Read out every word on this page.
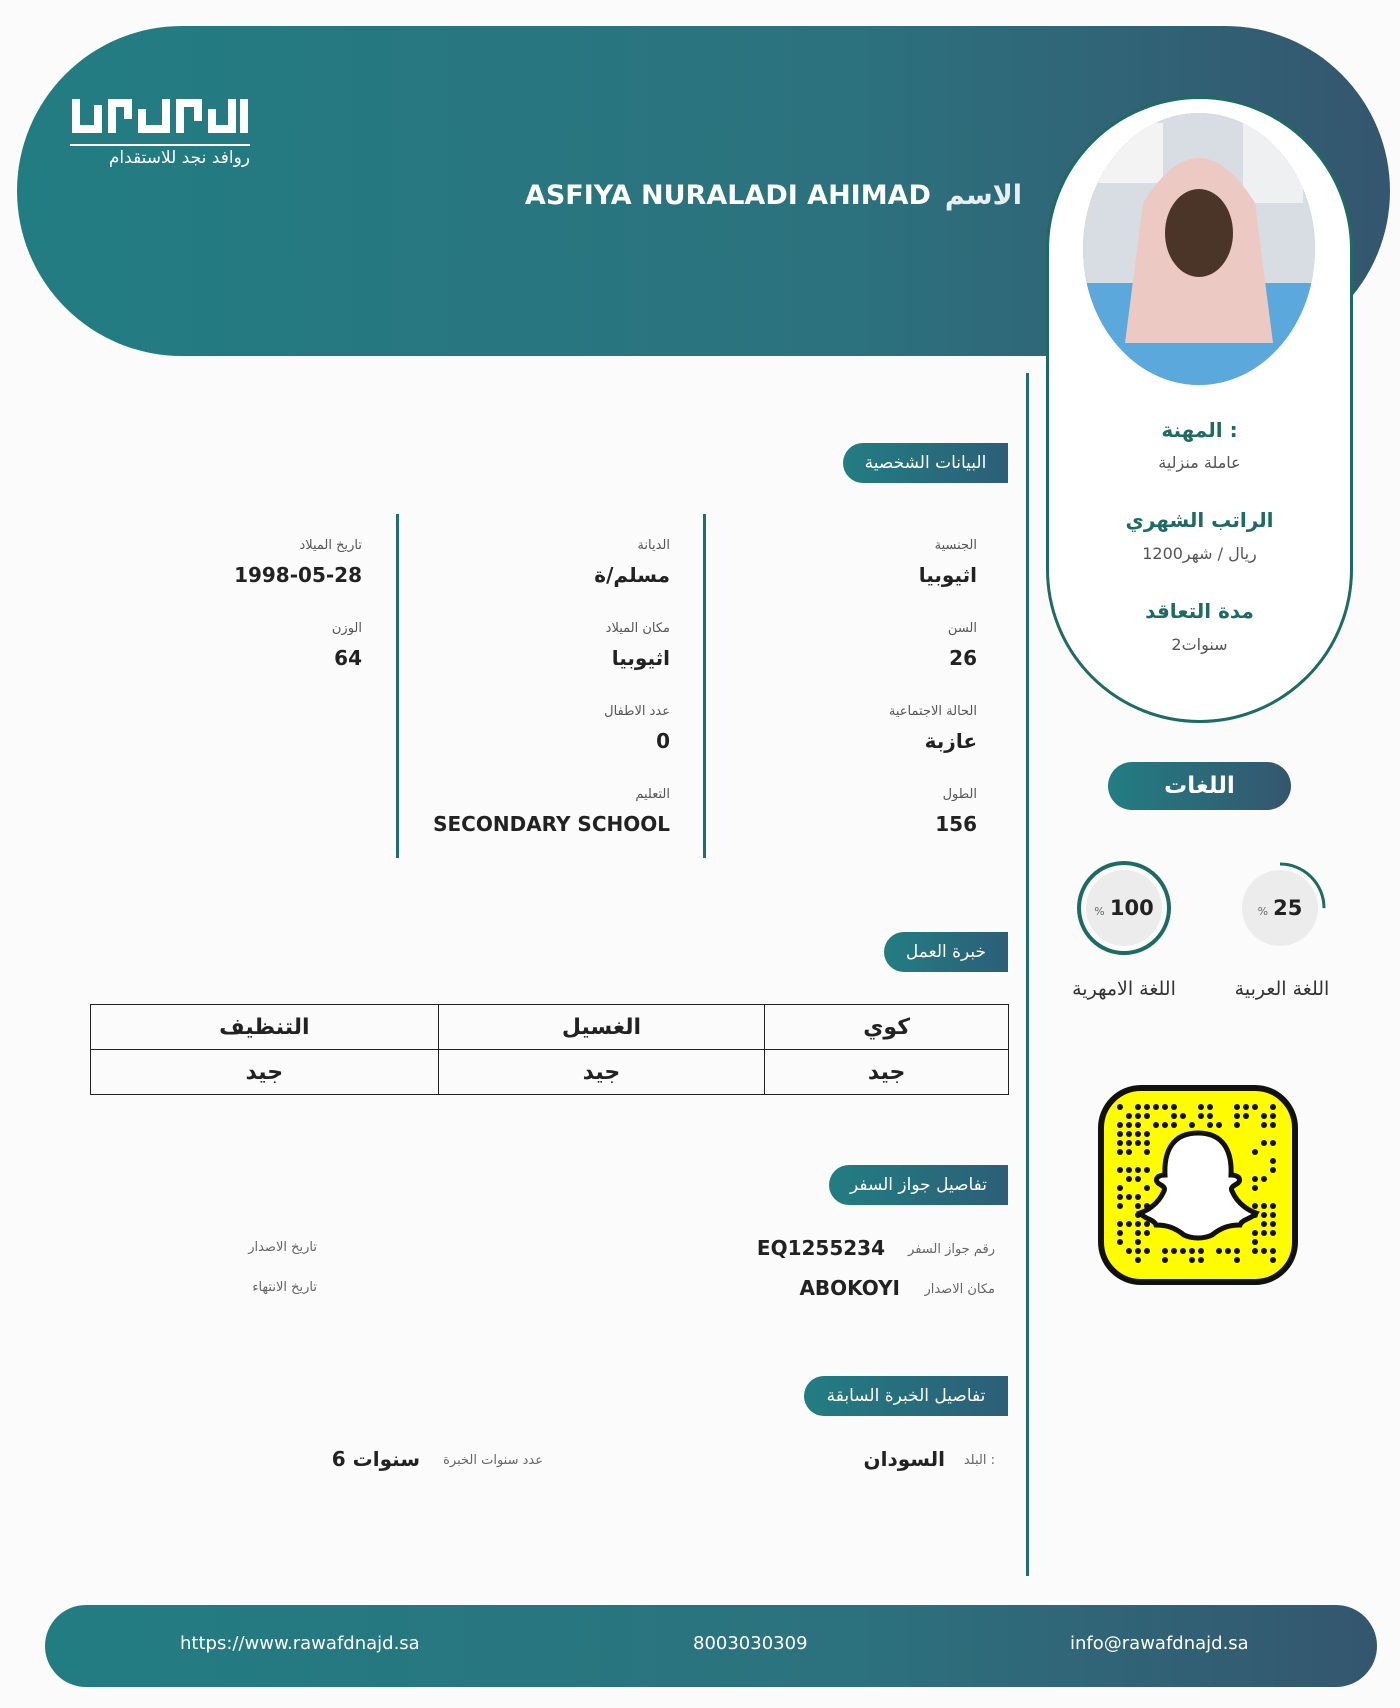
روافد نجد للاستقدام
الاسم
ASFIYA NURALADI AHIMAD
المهنة :
عاملة منزلية
الراتب الشهري
1200ريال / شهر
مدة التعاقد
2سنوات
اللغات
% 25
اللغة العربية
% 100
اللغة الامهرية
البيانات الشخصية
خبرة العمل
تفاصيل جواز السفر
تفاصيل الخبرة السابقة
الجنسية
اثيوبيا
السن
26
الحالة الاجتماعية
عازبة
الطول
156
الديانة
مسلم/ة
مكان الميلاد
اثيوبيا
عدد الاطفال
0
التعليم
SECONDARY SCHOOL
تاريخ الميلاد
1998-05-28
الوزن
64
التنظيف	الغسيل	كوي
جيد	جيد	جيد
رقم جواز السفر
EQ1255234
مكان الاصدار
ABOKOYI
تاريخ الاصدار
تاريخ الانتهاء
البلد :
السودان
عدد سنوات الخبرة
6 سنوات
https://www.rawafdnajd.sa	8003030309	info@rawafdnajd.sa
